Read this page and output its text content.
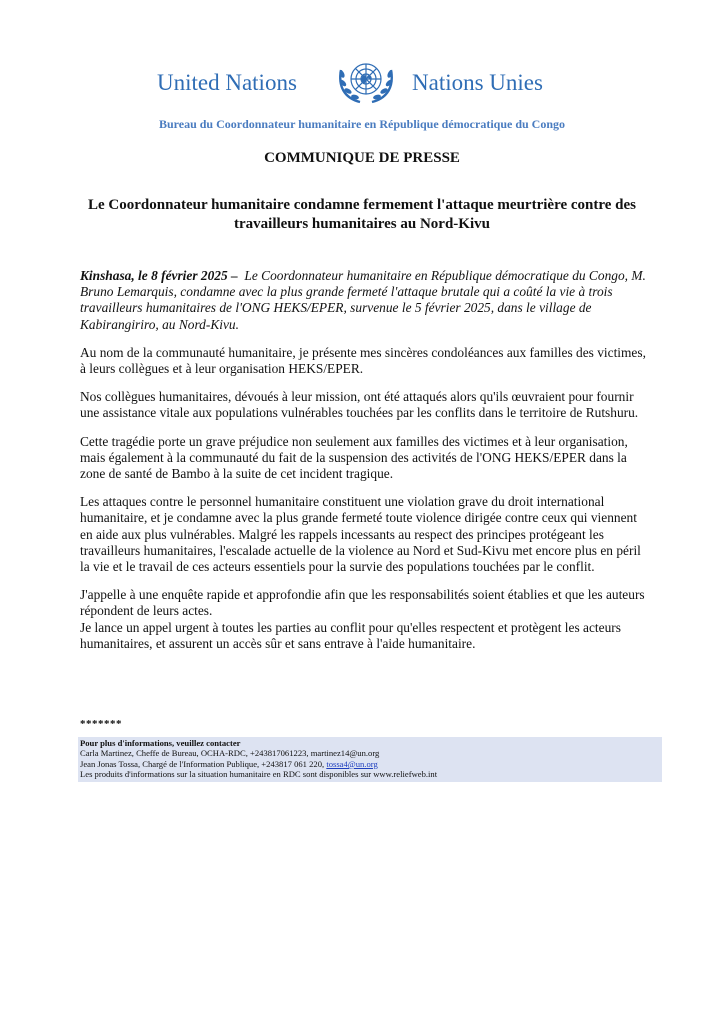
United Nations	Nations Unies
Bureau du Coordonnateur humanitaire en République démocratique du Congo
COMMUNIQUE DE PRESSE
Le Coordonnateur humanitaire condamne fermement l'attaque meurtrière contre des travailleurs humanitaires au Nord-Kivu

Kinshasa, le 8 février 2025 – Le Coordonnateur humanitaire en République démocratique du Congo, M. Bruno Lemarquis, condamne avec la plus grande fermeté l'attaque brutale qui a coûté la vie à trois travailleurs humanitaires de l'ONG HEKS/EPER, survenue le 5 février 2025, dans le village de Kabirangiriro, au Nord-Kivu.

Au nom de la communauté humanitaire, je présente mes sincères condoléances aux familles des victimes, à leurs collègues et à leur organisation HEKS/EPER.

Nos collègues humanitaires, dévoués à leur mission, ont été attaqués alors qu'ils œuvraient pour fournir une assistance vitale aux populations vulnérables touchées par les conflits dans le territoire de Rutshuru.

Cette tragédie porte un grave préjudice non seulement aux familles des victimes et à leur organisation, mais également à la communauté du fait de la suspension des activités de l'ONG HEKS/EPER dans la zone de santé de Bambo à la suite de cet incident tragique.

Les attaques contre le personnel humanitaire constituent une violation grave du droit international humanitaire, et je condamne avec la plus grande fermeté toute violence dirigée contre ceux qui viennent en aide aux plus vulnérables. Malgré les rappels incessants au respect des principes protégeant les travailleurs humanitaires, l'escalade actuelle de la violence au Nord et Sud-Kivu met encore plus en péril la vie et le travail de ces acteurs essentiels pour la survie des populations touchées par le conflit.

J'appelle à une enquête rapide et approfondie afin que les responsabilités soient établies et que les auteurs répondent de leurs actes.

Je lance un appel urgent à toutes les parties au conflit pour qu'elles respectent et protègent les acteurs humanitaires, et assurent un accès sûr et sans entrave à l'aide humanitaire.

*******
Pour plus d'informations, veuillez contacter
Carla Martinez, Cheffe de Bureau, OCHA-RDC, +243817061223, martinez14@un.org
Jean Jonas Tossa, Chargé de l'Information Publique, +243817 061 220, tossa4@un.org
Les produits d'informations sur la situation humanitaire en RDC sont disponibles sur www.reliefweb.int
